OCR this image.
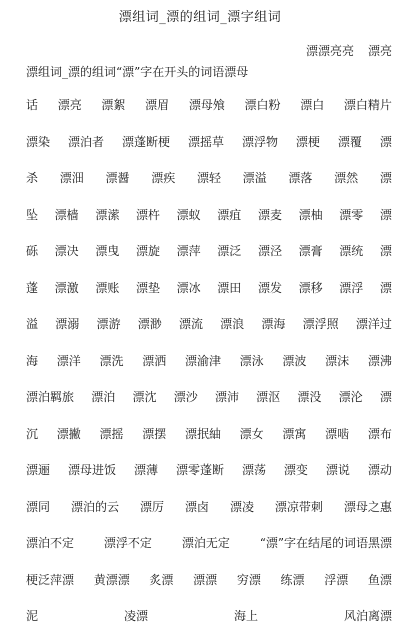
漂组词_漂的组词_漂字组词
漂漂亮亮 漂亮
漂组词_漂的组词“漂”字在开头的词语漂母
话 漂亮 漂絮 漂眉 漂母飧 漂白粉 漂白 漂白精片
漂染 漂泊者 漂蓬断梗 漂摇草 漂浮物 漂梗 漂覆 漂
杀 漂沺 漂醤 漂疾 漂轻 漂溢 漂落 漂然 漂
坠 漂樯 漂潆 漂杵 漂蚁 漂疽 漂麦 漂柚 漂零 漂
砾 漂决 漂曳 漂旋 漂萍 漂泛 漂泾 漂膏 漂统 漂
蓬 漂激 漂账 漂垫 漂冰 漂田 漂发 漂移 漂浮 漂
溢 漂溺 漂游 漂渺 漂流 漂浪 漂海 漂浮照 漂洋过
海 漂洋 漂洗 漂洒 漂渝津 漂泳 漂波 漂沫 漂沸
漂泊羁旅 漂泊 漂沈 漂沙 漂沛 漂沤 漂没 漂沦 漂
沉 漂撇 漂摇 漂摆 漂抿紬 漂女 漂寓 漂啮 漂布
漂逦 漂母进饭 漂薄 漂零蓬断 漂荡 漂变 漂说 漂动
漂同 漂泊的云 漂厉 漂卤 漂凌 漂凉带刺 漂母之惠
漂泊不定 漂浮不定 漂泊无定 “漂”字在结尾的词语黑漂
梗泛萍漂 黄漂漂 炙漂 漂漂 穷漂 练漂 浮漂 鱼漂
泥	凌漂	海上	风泊离漂
